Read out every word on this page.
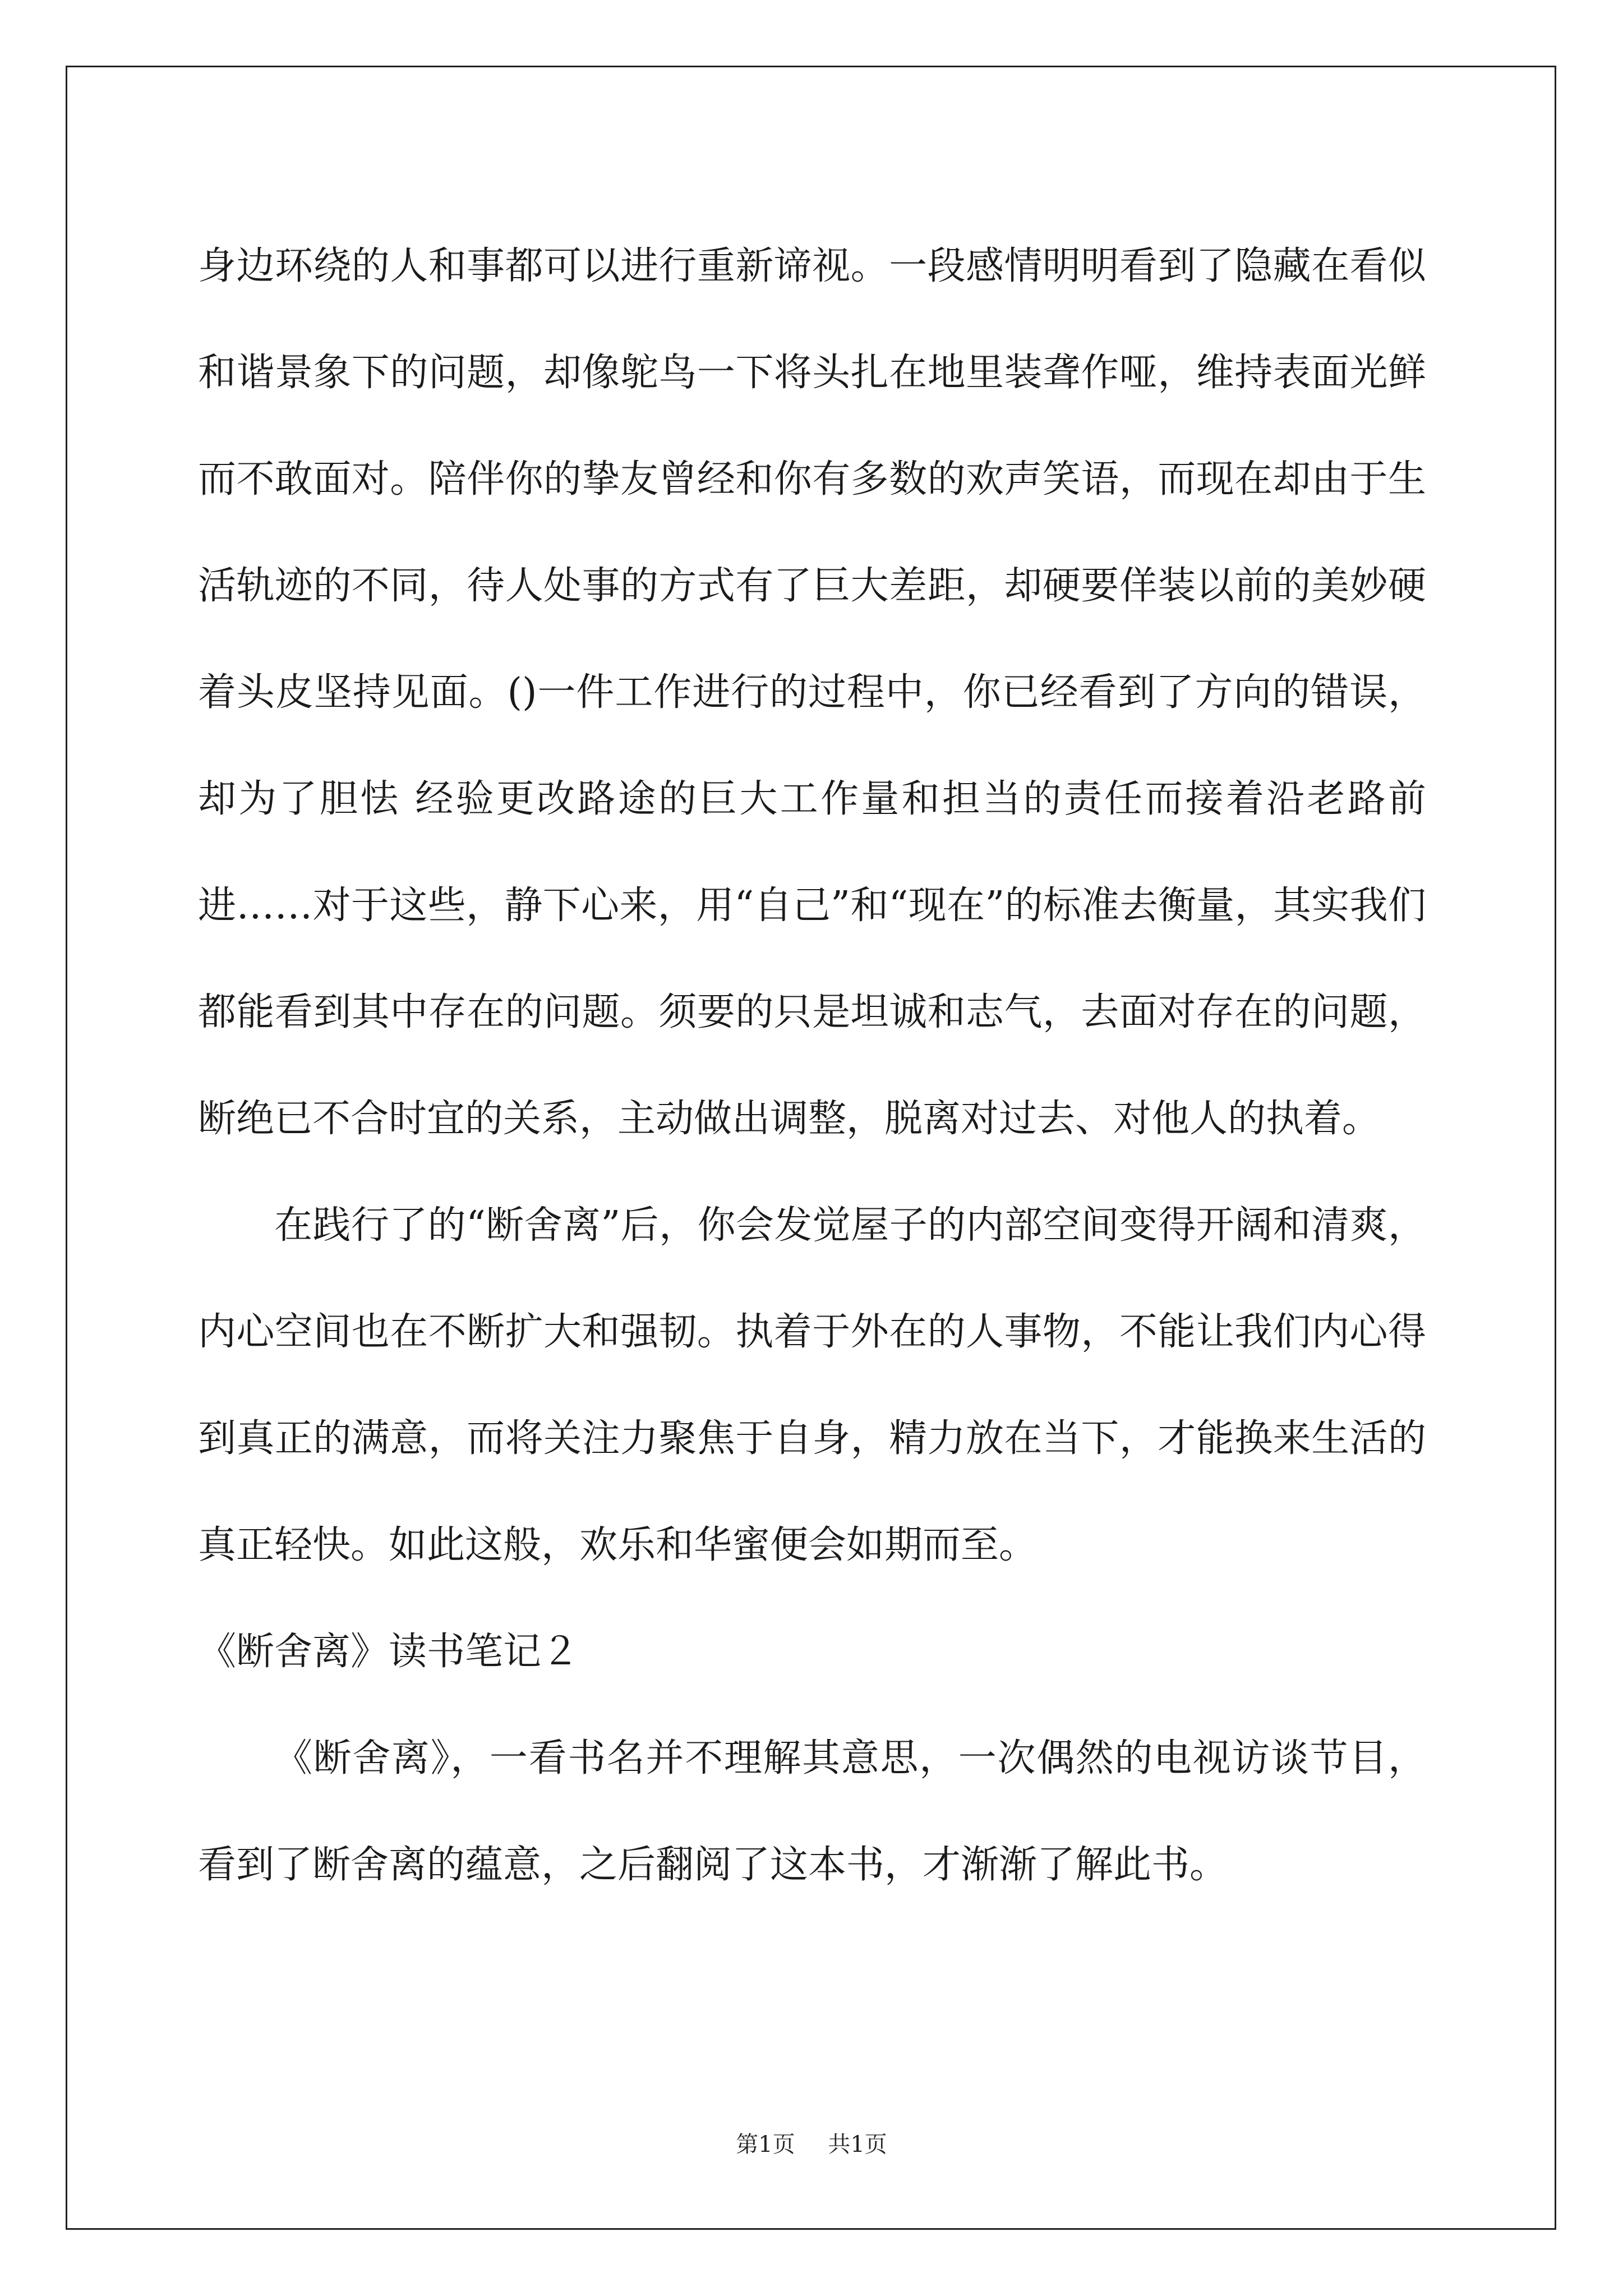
身边环绕的人和事都可以进行重新谛视。一段感情明明看到了隐藏在看似和谐景象下的问题，却像鸵鸟一下将头扎在地里装聋作哑，维持表面光鲜而不敢面对。陪伴你的挚友曾经和你有多数的欢声笑语，而现在却由于生活轨迹的不同，待人处事的方式有了巨大差距，却硬要佯装以前的美妙硬着头皮坚持见面。()一件工作进行的过程中，你已经看到了方向的错误，却为了胆怯 经验更改路途的巨大工作量和担当的责任而接着沿老路前进……对于这些，静下心来，用“自己”和“现在”的标准去衡量，其实我们都能看到其中存在的问题。须要的只是坦诚和志气，去面对存在的问题，断绝已不合时宜的关系，主动做出调整，脱离对过去、对他人的执着。

在践行了的“断舍离”后，你会发觉屋子的内部空间变得开阔和清爽，内心空间也在不断扩大和强韧。执着于外在的人事物，不能让我们内心得到真正的满意，而将关注力聚焦于自身，精力放在当下，才能换来生活的真正轻快。如此这般，欢乐和华蜜便会如期而至。

《断舍离》读书笔记２

《断舍离》，一看书名并不理解其意思，一次偶然的电视访谈节目，看到了断舍离的蕴意，之后翻阅了这本书，才渐渐了解此书。

第1页 共1页
